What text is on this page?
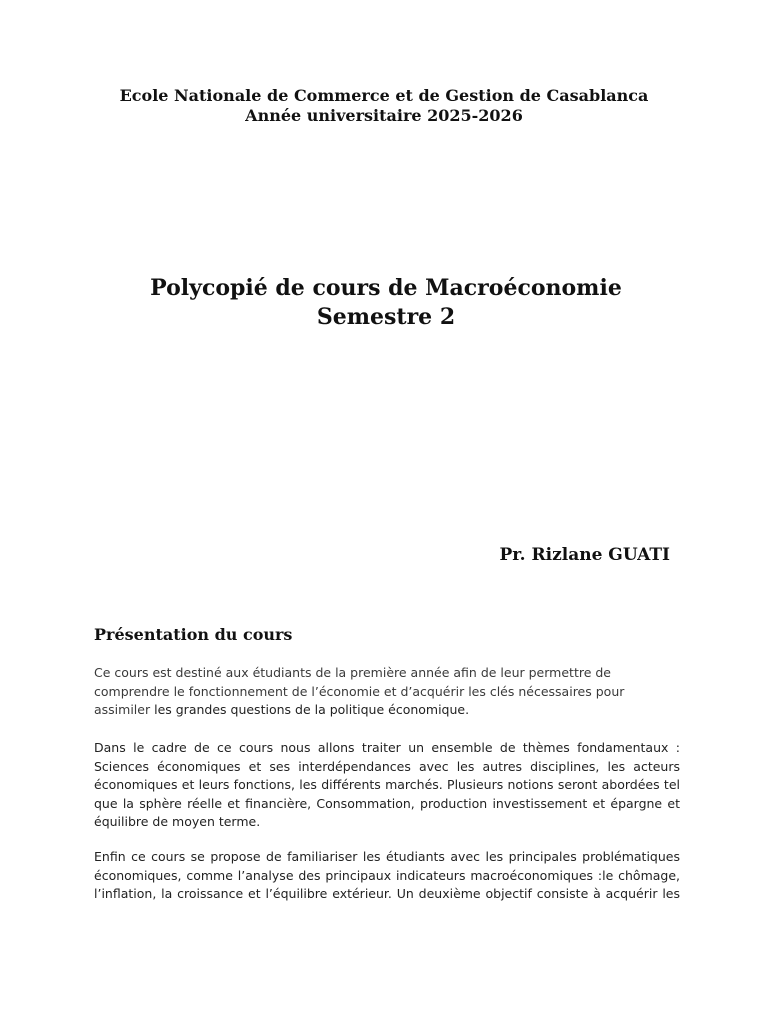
Ecole Nationale de Commerce et de Gestion de Casablanca
Année universitaire 2025-2026
Polycopié de cours de Macroéconomie
Semestre 2
Pr. Rizlane GUATI
Présentation du cours
Ce cours est destiné aux étudiants de la première année afin de leur permettre de
comprendre le fonctionnement de l’économie et d’acquérir les clés nécessaires pour
assimiler les grandes questions de la politique économique.
Dans le cadre de ce cours nous allons traiter un ensemble de thèmes fondamentaux :
Sciences économiques et ses interdépendances avec les autres disciplines, les acteurs
économiques et leurs fonctions, les différents marchés. Plusieurs notions seront abordées tel
que la sphère réelle et financière, Consommation, production investissement et épargne et
équilibre de moyen terme.
Enfin ce cours se propose de familiariser les étudiants avec les principales problématiques
économiques, comme l’analyse des principaux indicateurs macroéconomiques :le chômage,
l’inflation, la croissance et l’équilibre extérieur. Un deuxième objectif consiste à acquérir les
